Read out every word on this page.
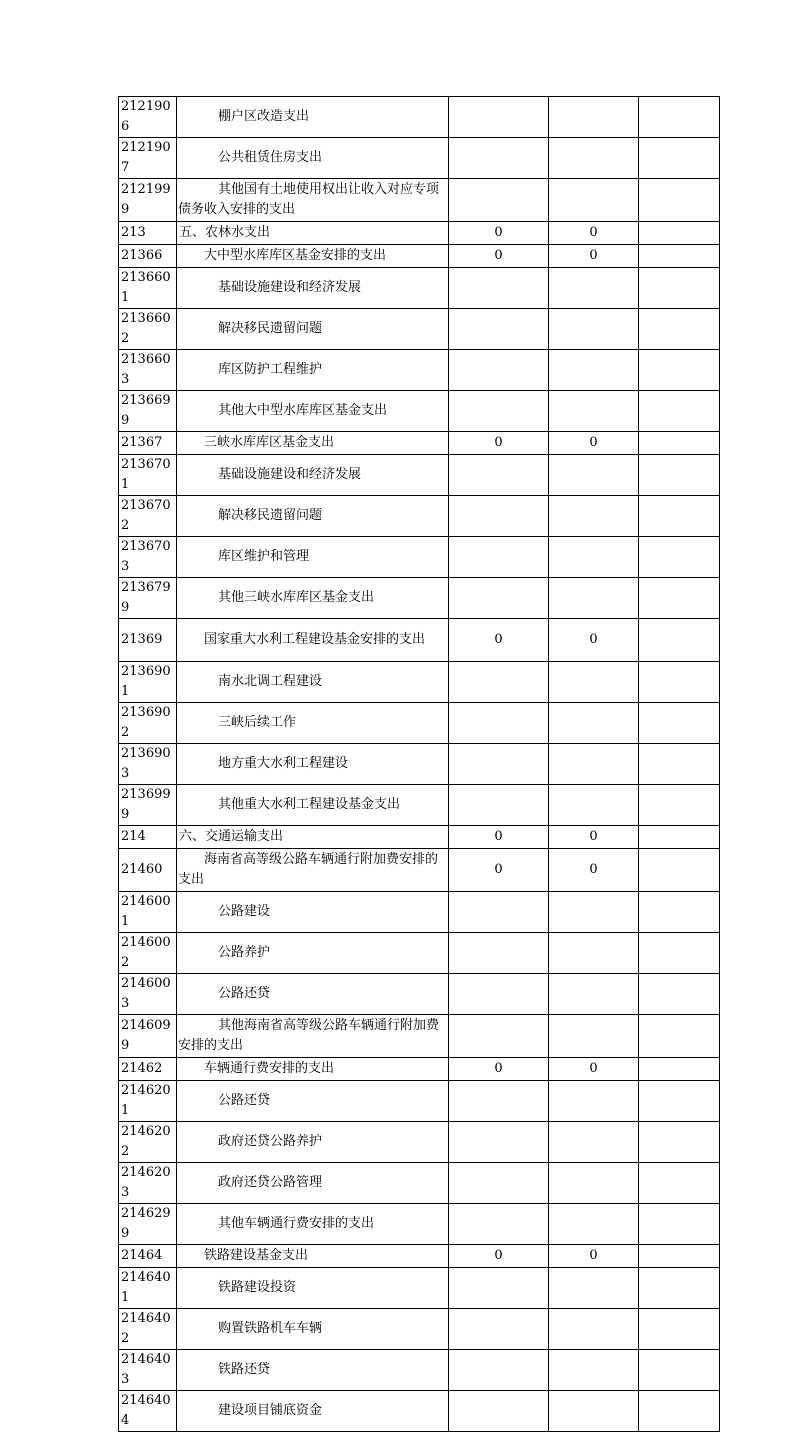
2121906	棚户区改造支出			
2121907	公共租赁住房支出			
2121999	其他国有土地使用权出让收入对应专项债务收入安排的支出			
213	五、农林水支出	0	0	
21366	大中型水库库区基金安排的支出	0	0	
2136601	基础设施建设和经济发展			
2136602	解决移民遗留问题			
2136603	库区防护工程维护			
2136699	其他大中型水库库区基金支出			
21367	三峡水库库区基金支出	0	0	
2136701	基础设施建设和经济发展			
2136702	解决移民遗留问题			
2136703	库区维护和管理			
2136799	其他三峡水库库区基金支出			
21369	国家重大水利工程建设基金安排的支出	0	0	
2136901	南水北调工程建设			
2136902	三峡后续工作			
2136903	地方重大水利工程建设			
2136999	其他重大水利工程建设基金支出			
214	六、交通运输支出	0	0	
21460	海南省高等级公路车辆通行附加费安排的支出	0	0	
2146001	公路建设			
2146002	公路养护			
2146003	公路还贷			
2146099	其他海南省高等级公路车辆通行附加费安排的支出			
21462	车辆通行费安排的支出	0	0	
2146201	公路还贷			
2146202	政府还贷公路养护			
2146203	政府还贷公路管理			
2146299	其他车辆通行费安排的支出			
21464	铁路建设基金支出	0	0	
2146401	铁路建设投资			
2146402	购置铁路机车车辆			
2146403	铁路还贷			
2146404	建设项目铺底资金			
